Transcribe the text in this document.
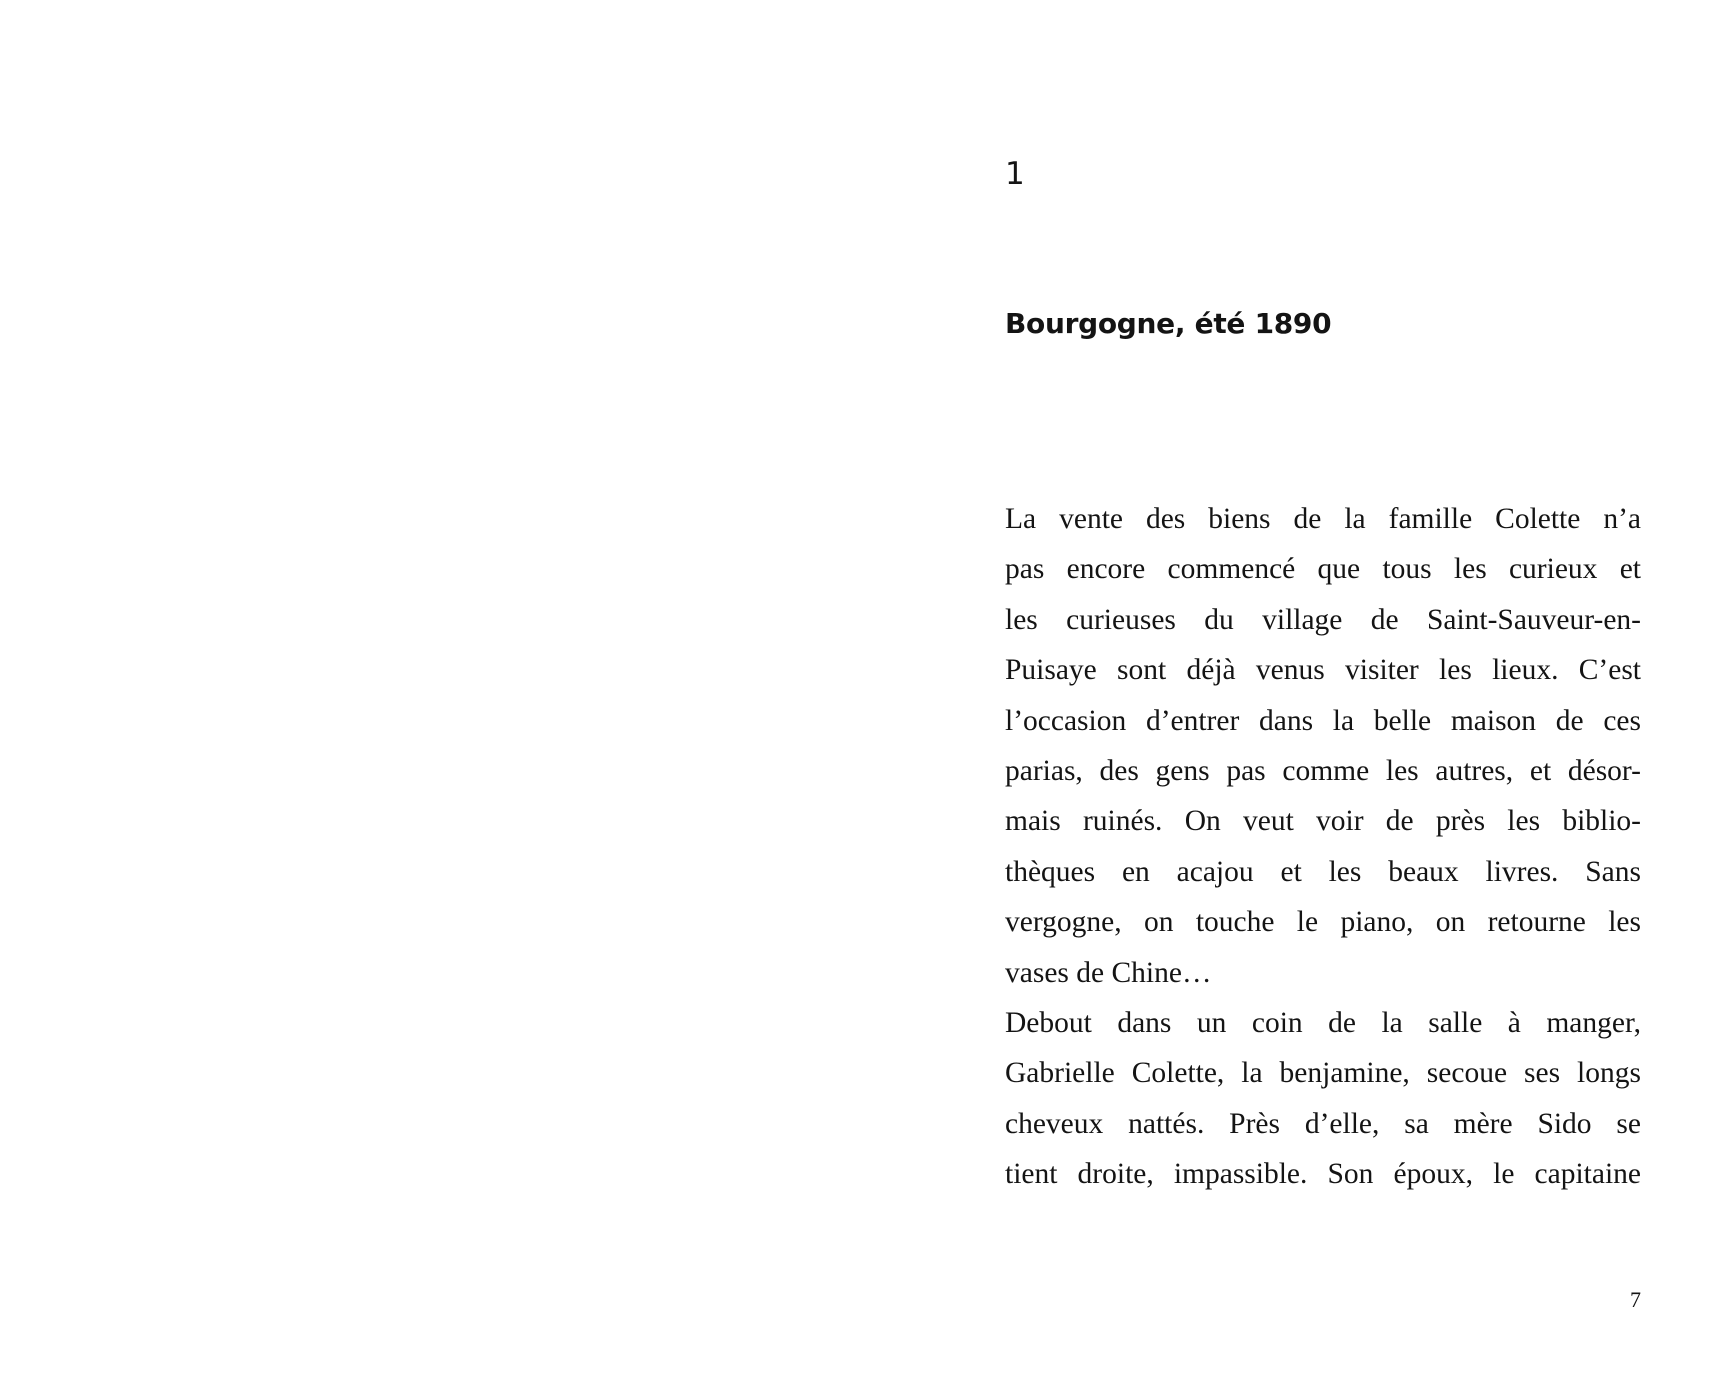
1
Bourgogne, été 1890

La vente des biens de la famille Colette n’a

pas encore commencé que tous les curieux et

les curieuses du village de Saint-Sauveur-en-

Puisaye sont déjà venus visiter les lieux. C’est

l’occasion d’entrer dans la belle maison de ces

parias, des gens pas comme les autres, et désor-

mais ruinés. On veut voir de près les biblio-

thèques en acajou et les beaux livres. Sans

vergogne, on touche le piano, on retourne les

vases de Chine…

Debout dans un coin de la salle à manger,

Gabrielle Colette, la benjamine, secoue ses longs

cheveux nattés. Près d’elle, sa mère Sido se

tient droite, impassible. Son époux, le capitaine

7
